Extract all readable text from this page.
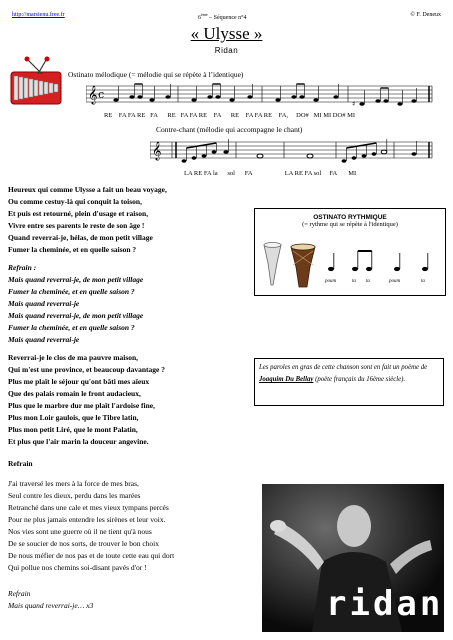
http://marsienu.free.fr	6ème – Séquence n°4	© F. Deneux
« Ulysse »
Ridan
Ostinato mélodique (= mélodie qui se répète à l’identique)
𝄞 c
♯
RE    FA FA RE   FA      RE   FA FA RE    FA      RE    FA FA RE    FA,     DO#   MI MI DO# MI
Contre-chant (mélodie qui accompagne le chant)
𝄞
LA RE FA la      sol      FA                    LA RE FA sol     FA       MI
Heureux qui comme Ulysse a fait un beau voyage,
Ou comme cestuy-là qui conquit la toison,
Et puis est retourné, plein d'usage et raison,
Vivre entre ses parents le reste de son âge !
Quand reverrai-je, hélas, de mon petit village
Fumer la cheminée, et en quelle saison ?
Refrain :
Mais quand reverrai-je, de mon petit village
Fumer la cheminée, et en quelle saison ?
Mais quand reverrai-je
Mais quand reverrai-je, de mon petit village
Fumer la cheminée, et en quelle saison ?
Mais quand reverrai-je
OSTINATO RYTHMIQUE
(= rythme qui se répète à l'identique)
poum	ta ta	poum	ta
Reverrai-je le clos de ma pauvre maison,
Qui m'est une province, et beaucoup davantage ?
Plus me plaît le séjour qu'ont bâti mes aïeux
Que des palais romain le front audacieux,
Plus que le marbre dur me plaît l'ardoise fine,
Plus mon Loir gaulois, que le Tibre latin,
Plus mon petit Liré, que le mont Palatin,
Et plus que l'air marin la douceur angevine.
Les paroles en gras de cette chanson sont en fait un poème de Joaquim Du Bellay (poète français du 16ème siècle).
Refrain
J'ai traversé les mers à la force de mes bras,
Seul contre les dieux, perdu dans les marées
Retranché dans une cale et mes vieux tympans percés
Pour ne plus jamais entendre les sirènes et leur voix.
Nos vies sont une guerre où il ne tient qu'à nous
De se soucier de nos sorts, de trouver le bon choix
De nous méfier de nos pas et de toute cette eau qui dort
Qui pollue nos chemins soi-disant pavés d'or !
Refrain
Mais quand reverrai-je… x3	ridan
